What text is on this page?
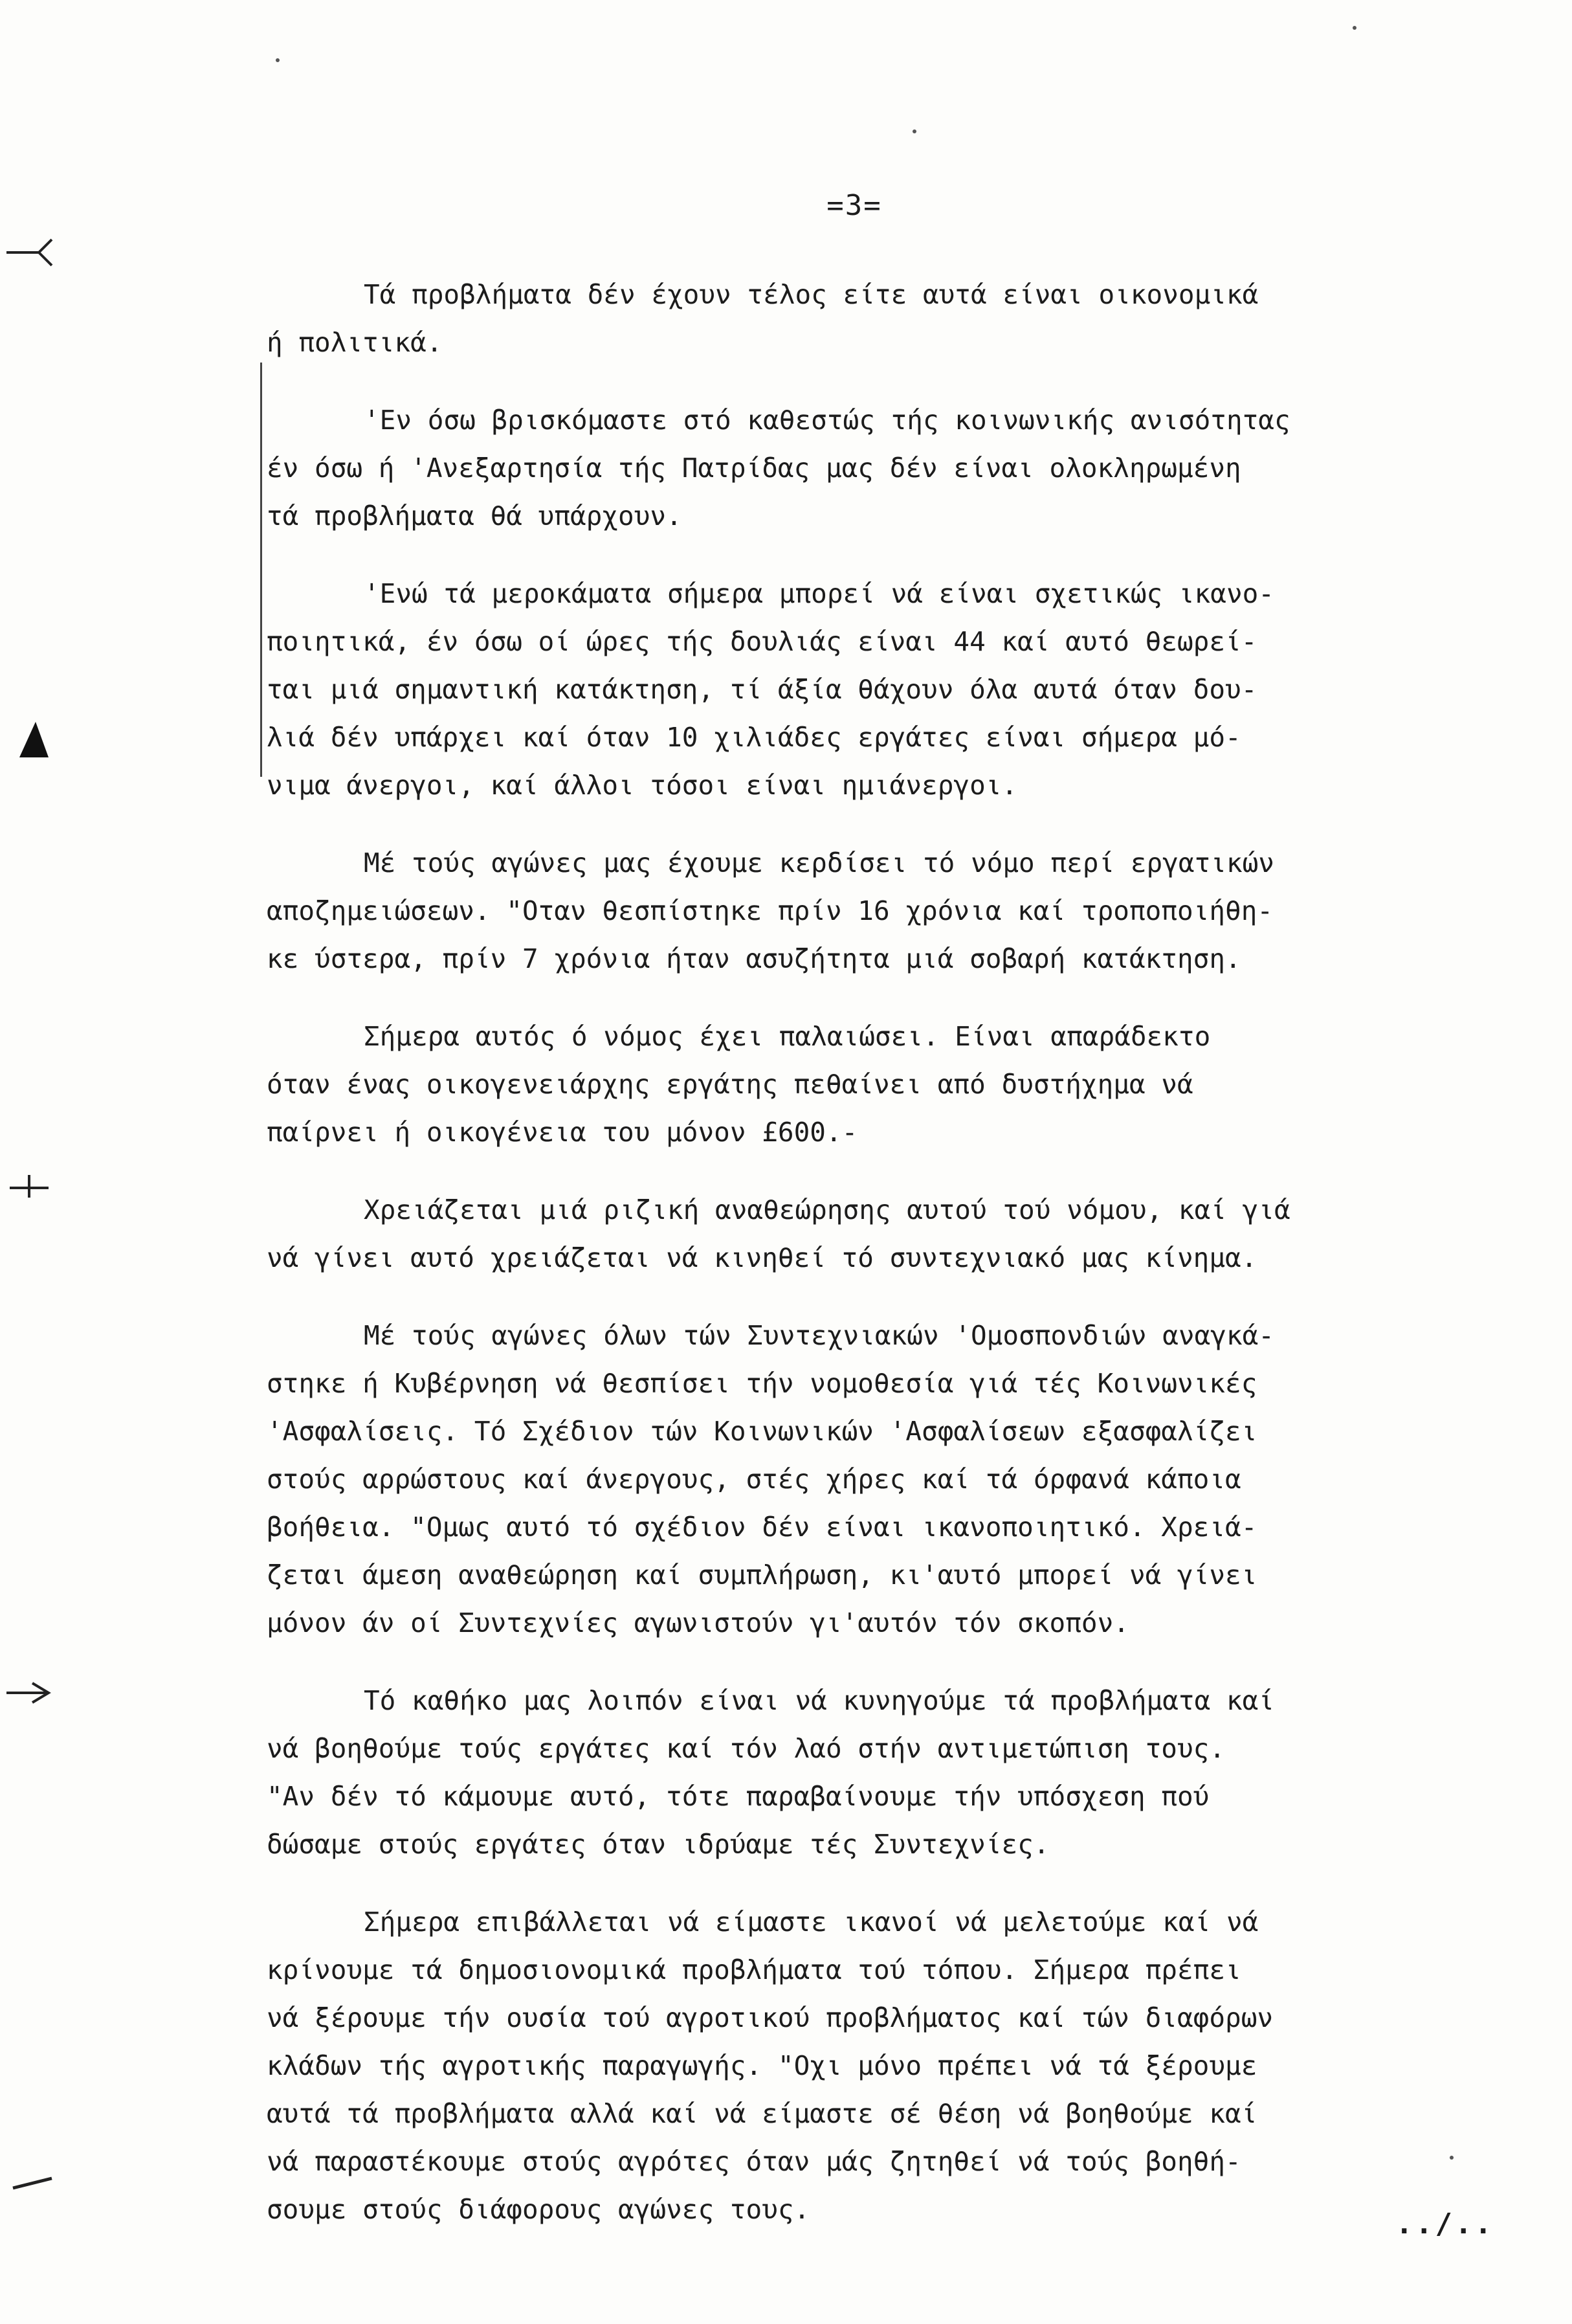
=3=
Τά προβλήματα δέν έχουν τέλος είτε αυτά είναι οικονομικά
ή πολιτικά.
'Εν όσω βρισκόμαστε στό καθεστώς τής κοινωνικής ανισότητας
έν όσω ή 'Ανεξαρτησία τής Πατρίδας μας δέν είναι ολοκληρωμένη
τά προβλήματα θά υπάρχουν.
'Ενώ τά μεροκάματα σήμερα μπορεί νά είναι σχετικώς ικανο-
ποιητικά, έν όσω οί ώρες τής δουλιάς είναι 44 καί αυτό θεωρεί-
ται μιά σημαντική κατάκτηση, τί άξία θάχουν όλα αυτά όταν δου-
λιά δέν υπάρχει καί όταν 10 χιλιάδες εργάτες είναι σήμερα μό-
νιμα άνεργοι, καί άλλοι τόσοι είναι ημιάνεργοι.
Μέ τούς αγώνες μας έχουμε κερδίσει τό νόμο περί εργατικών
αποζημειώσεων. "Οταν θεσπίστηκε πρίν 16 χρόνια καί τροποποιήθη-
κε ύστερα, πρίν 7 χρόνια ήταν ασυζήτητα μιά σοβαρή κατάκτηση.
Σήμερα αυτός ό νόμος έχει παλαιώσει. Είναι απαράδεκτο
όταν ένας οικογενειάρχης εργάτης πεθαίνει από δυστήχημα νά
παίρνει ή οικογένεια του μόνον £600.-
Χρειάζεται μιά ριζική αναθεώρησης αυτού τού νόμου, καί γιά
νά γίνει αυτό χρειάζεται νά κινηθεί τό συντεχνιακό μας κίνημα.
Μέ τούς αγώνες όλων τών Συντεχνιακών 'Ομοσπονδιών αναγκά-
στηκε ή Κυβέρνηση νά θεσπίσει τήν νομοθεσία γιά τές Κοινωνικές
'Ασφαλίσεις. Τό Σχέδιον τών Κοινωνικών 'Ασφαλίσεων εξασφαλίζει
στούς αρρώστους καί άνεργους, στές χήρες καί τά όρφανά κάποια
βοήθεια. "Ομως αυτό τό σχέδιον δέν είναι ικανοποιητικό. Χρειά-
ζεται άμεση αναθεώρηση καί συμπλήρωση, κι'αυτό μπορεί νά γίνει
μόνον άν οί Συντεχνίες αγωνιστούν γι'αυτόν τόν σκοπόν.
Τό καθήκο μας λοιπόν είναι νά κυνηγούμε τά προβλήματα καί
νά βοηθούμε τούς εργάτες καί τόν λαό στήν αντιμετώπιση τους.
"Αν δέν τό κάμουμε αυτό, τότε παραβαίνουμε τήν υπόσχεση πού
δώσαμε στούς εργάτες όταν ιδρύαμε τές Συντεχνίες.
Σήμερα επιβάλλεται νά είμαστε ικανοί νά μελετούμε καί νά
κρίνουμε τά δημοσιονομικά προβλήματα τού τόπου. Σήμερα πρέπει
νά ξέρουμε τήν ουσία τού αγροτικού προβλήματος καί τών διαφόρων
κλάδων τής αγροτικής παραγωγής. "Οχι μόνο πρέπει νά τά ξέρουμε
αυτά τά προβλήματα αλλά καί νά είμαστε σέ θέση νά βοηθούμε καί
νά παραστέκουμε στούς αγρότες όταν μάς ζητηθεί νά τούς βοηθή-
σουμε στούς διάφορους αγώνες τους.	../..
